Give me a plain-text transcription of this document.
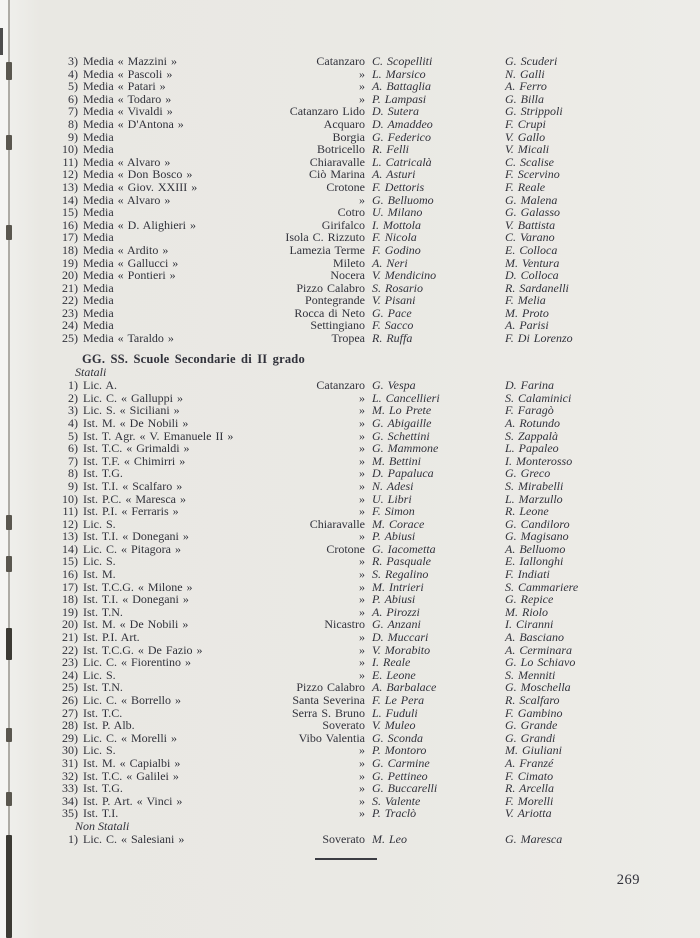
3) Media « Mazzini »	Catanzaro C. Scopelliti	G. Scuderi
4) Media « Pascoli »	» L. Marsico	N. Galli
5) Media « Patari »	» A. Battaglia	A. Ferro
6) Media « Todaro »	» P. Lampasi	G. Billa
7) Media « Vivaldi »	Catanzaro Lido D. Sutera	G. Strippoli
8) Media « D'Antona »	Acquaro D. Amaddeo	F. Crupi
9) Media	Borgia G. Federico	V. Gallo
10) Media	Botricello R. Felli	V. Micali
11) Media « Alvaro »	Chiaravalle L. Catricalà	C. Scalise
12) Media « Don Bosco »	Ciò Marina A. Asturi	F. Scervino
13) Media « Giov. XXIII »	Crotone F. Dettoris	F. Reale
14) Media « Alvaro »	» G. Belluomo	G. Malena
15) Media	Cotro U. Milano	G. Galasso
16) Media « D. Alighieri »	Girifalco I. Mottola	V. Battista
17) Media	Isola C. Rizzuto F. Nicola	C. Varano
18) Media « Ardito »	Lamezia Terme F. Godino	E. Colloca
19) Media « Gallucci »	Mileto A. Neri	M. Ventura
20) Media « Pontieri »	Nocera V. Mendicino	D. Colloca
21) Media	Pizzo Calabro S. Rosario	R. Sardanelli
22) Media	Pontegrande V. Pisani	F. Melia
23) Media	Rocca di Neto G. Pace	M. Proto
24) Media	Settingiano F. Sacco	A. Parisi
25) Media « Taraldo »	Tropea R. Ruffa	F. Di Lorenzo
GG. SS. Scuole Secondarie di II grado
Statali
1) Lic. A.	Catanzaro G. Vespa	D. Farina
2) Lic. C. « Galluppi »	» L. Cancellieri	S. Calaminici
3) Lic. S. « Siciliani »	» M. Lo Prete	F. Faragò
4) Ist. M. « De Nobili »	» G. Abigaille	A. Rotundo
5) Ist. T. Agr. « V. Emanuele II »	» G. Schettini	S. Zappalà
6) Ist. T.C. « Grimaldi »	» G. Mammone	L. Papaleo
7) Ist. T.F. « Chimirri »	» M. Bettini	I. Monterosso
8) Ist. T.G.	» D. Papaluca	G. Greco
9) Ist. T.I. « Scalfaro »	» N. Adesi	S. Mirabelli
10) Ist. P.C. « Maresca »	» U. Libri	L. Marzullo
11) Ist. P.I. « Ferraris »	» F. Simon	R. Leone
12) Lic. S.	Chiaravalle M. Corace	G. Candiloro
13) Ist. T.I. « Donegani »	» P. Abiusi	G. Magisano
14) Lic. C. « Pitagora »	Crotone G. Iacometta	A. Belluomo
15) Lic. S.	» R. Pasquale	E. Iallonghi
16) Ist. M.	» S. Regalino	F. Indiati
17) Ist. T.C.G. « Milone »	» M. Intrieri	S. Cammariere
18) Ist. T.I. « Donegani »	» P. Abiusi	G. Repice
19) Ist. T.N.	» A. Pirozzi	M. Riolo
20) Ist. M. « De Nobili »	Nicastro G. Anzani	I. Ciranni
21) Ist. P.I. Art.	» D. Muccari	A. Basciano
22) Ist. T.C.G. « De Fazio »	» V. Morabito	A. Cerminara
23) Lic. C. « Fiorentino »	» I. Reale	G. Lo Schiavo
24) Lic. S.	» E. Leone	S. Menniti
25) Ist. T.N.	Pizzo Calabro A. Barbalace	G. Moschella
26) Lic. C. « Borrello »	Santa Severina F. Le Pera	R. Scalfaro
27) Ist. T.C.	Serra S. Bruno L. Fuduli	F. Gambino
28) Ist. P. Alb.	Soverato V. Muleo	G. Grande
29) Lic. C. « Morelli »	Vibo Valentia G. Sconda	G. Grandi
30) Lic. S.	» P. Montoro	M. Giuliani
31) Ist. M. « Capialbi »	» G. Carmine	A. Franzé
32) Ist. T.C. « Galilei »	» G. Pettineo	F. Cimato
33) Ist. T.G.	» G. Buccarelli	R. Arcella
34) Ist. P. Art. « Vinci »	» S. Valente	F. Morelli
35) Ist. T.I.	» P. Traclò	V. Ariotta
Non Statali
1) Lic. C. « Salesiani »	Soverato M. Leo	G. Maresca
269
